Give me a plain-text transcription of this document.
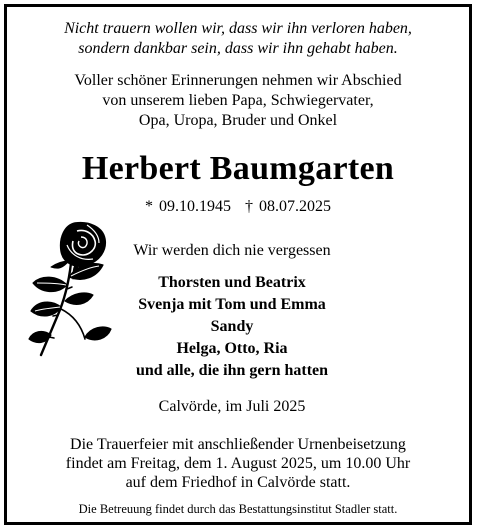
Nicht trauern wollen wir, dass wir ihn verloren haben,
sondern dankbar sein, dass wir ihn gehabt haben.
Voller schöner Erinnerungen nehmen wir Abschied
von unserem lieben Papa, Schwiegervater,
Opa, Uropa, Bruder und Onkel
Herbert Baumgarten
* 09.10.1945 † 08.07.2025
Wir werden dich nie vergessen
Thorsten und Beatrix
Svenja mit Tom und Emma
Sandy
Helga, Otto, Ria
und alle, die ihn gern hatten
Calvörde, im Juli 2025
Die Trauerfeier mit anschließender Urnenbeisetzung
findet am Freitag, dem 1. August 2025, um 10.00 Uhr
auf dem Friedhof in Calvörde statt.
Die Betreuung findet durch das Bestattungsinstitut Stadler statt.
